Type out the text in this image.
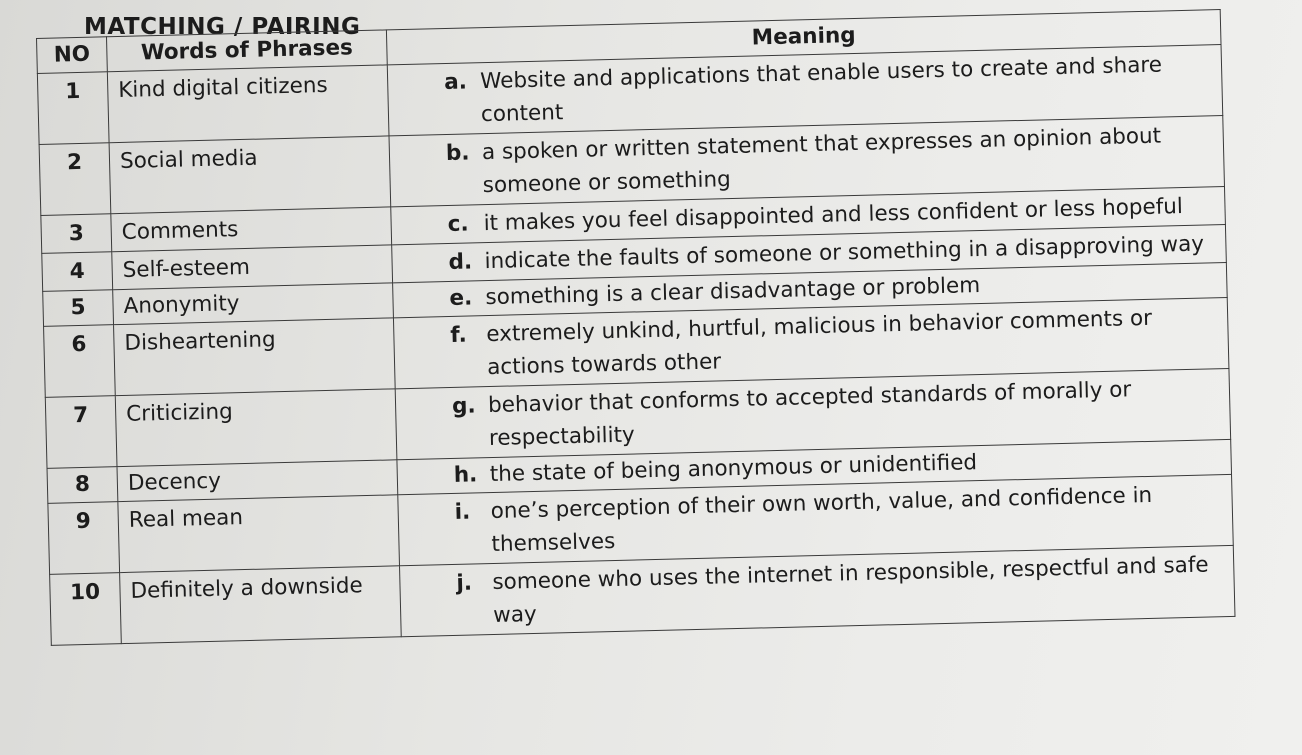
MATCHING / PAIRING
NO	Words of Phrases	Meaning
1	Kind digital citizens	a. Website and applications that enable users to create and share content

2	Social media	b. a spoken or written statement that expresses an opinion about someone or something

3	Comments	c. it makes you feel disappointed and less confident or less hopeful

4	Self-esteem	d. indicate the faults of someone or something in a disapproving way

5	Anonymity	e. something is a clear disadvantage or problem

6	Disheartening	f. extremely unkind, hurtful, malicious in behavior comments or actions towards other

7	Criticizing	g. behavior that conforms to accepted standards of morally or respectability

8	Decency	h. the state of being anonymous or unidentified

9	Real mean	i. one’s perception of their own worth, value, and confidence in themselves

10	Definitely a downside	j. someone who uses the internet in responsible, respectful and safe way
